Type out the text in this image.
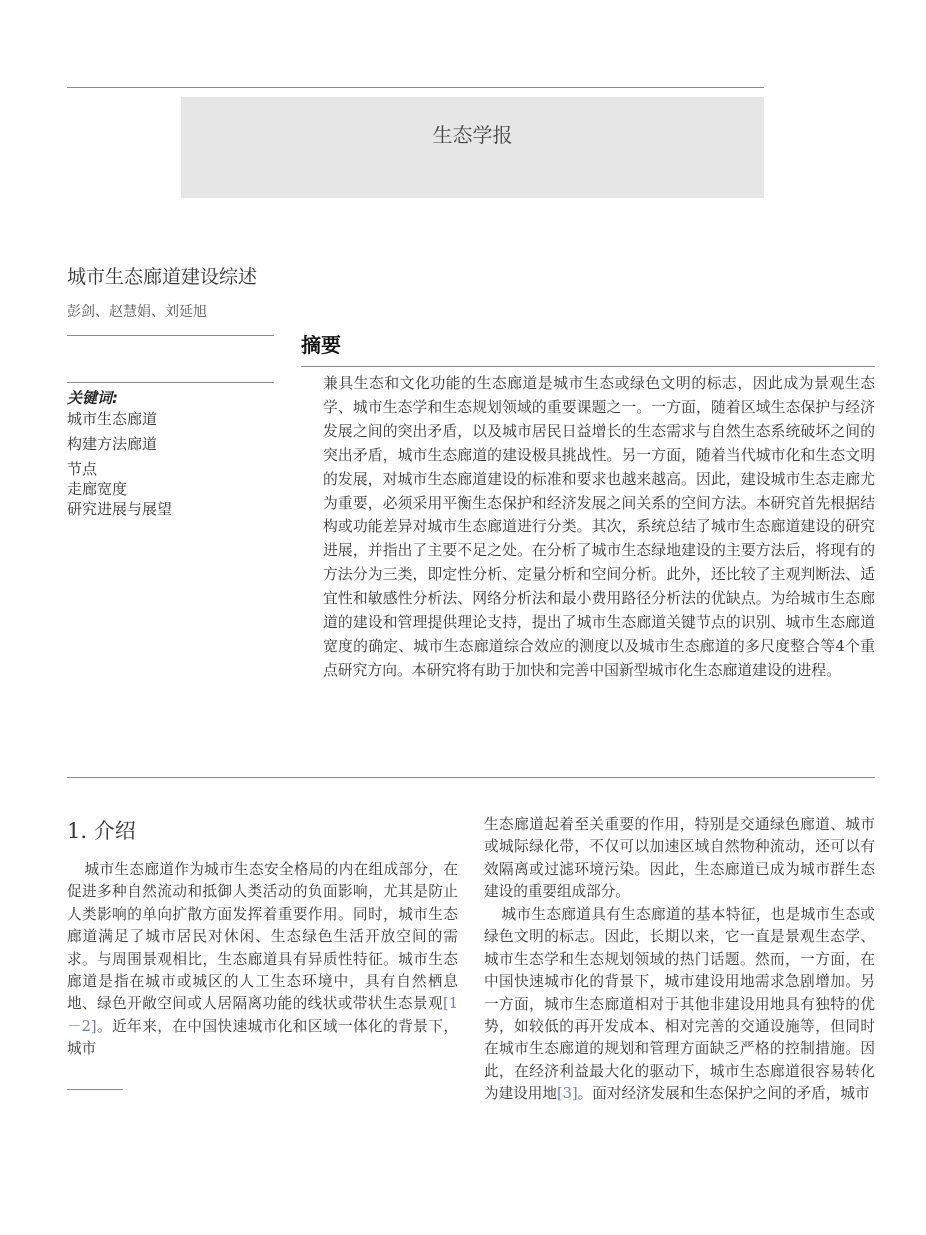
生态学报
城市生态廊道建设综述
彭剑、赵慧娟、刘延旭
摘要
关键词:
城市生态廊道
构建方法廊道
节点
走廊宽度
研究进展与展望

兼具生态和文化功能的生态廊道是城市生态或绿色文明的标志，因此成为景观生态学、城市生态学和生态规划领域的重要课题之一。一方面，随着区域生态保护与经济发展之间的突出矛盾，以及城市居民日益增长的生态需求与自然生态系统破坏之间的突出矛盾，城市生态廊道的建设极具挑战性。另一方面，随着当代城市化和生态文明的发展，对城市生态廊道建设的标准和要求也越来越高。因此，建设城市生态走廊尤为重要，必须采用平衡生态保护和经济发展之间关系的空间方法。本研究首先根据结构或功能差异对城市生态廊道进行分类。其次，系统总结了城市生态廊道建设的研究进展，并指出了主要不足之处。在分析了城市生态绿地建设的主要方法后，将现有的方法分为三类，即定性分析、定量分析和空间分析。此外，还比较了主观判断法、适宜性和敏感性分析法、网络分析法和最小费用路径分析法的优缺点。为给城市生态廊道的建设和管理提供理论支持，提出了城市生态廊道关键节点的识别、城市生态廊道宽度的确定、城市生态廊道综合效应的测度以及城市生态廊道的多尺度整合等4个重点研究方向。本研究将有助于加快和完善中国新型城市化生态廊道建设的进程。

1. 介绍

城市生态廊道作为城市生态安全格局的内在组成部分，在促进多种自然流动和抵御人类活动的负面影响，尤其是防止人类影响的单向扩散方面发挥着重要作用。同时，城市生态廊道满足了城市居民对休闲、生态绿色生活开放空间的需求。与周围景观相比，生态廊道具有异质性特征。城市生态廊道是指在城市或城区的人工生态环境中，具有自然栖息地、绿色开敞空间或人居隔离功能的线状或带状生态景观[1－2]。近年来，在中国快速城市化和区域一体化的背景下，城市

生态廊道起着至关重要的作用，特别是交通绿色廊道、城市或城际绿化带，不仅可以加速区域自然物种流动，还可以有效隔离或过滤环境污染。因此，生态廊道已成为城市群生态建设的重要组成部分。

城市生态廊道具有生态廊道的基本特征，也是城市生态或绿色文明的标志。因此，长期以来，它一直是景观生态学、城市生态学和生态规划领域的热门话题。然而，一方面，在中国快速城市化的背景下，城市建设用地需求急剧增加。另一方面，城市生态廊道相对于其他非建设用地具有独特的优势，如较低的再开发成本、相对完善的交通设施等，但同时在城市生态廊道的规划和管理方面缺乏严格的控制措施。因此，在经济利益最大化的驱动下，城市生态廊道很容易转化为建设用地[3]。面对经济发展和生态保护之间的矛盾，城市
